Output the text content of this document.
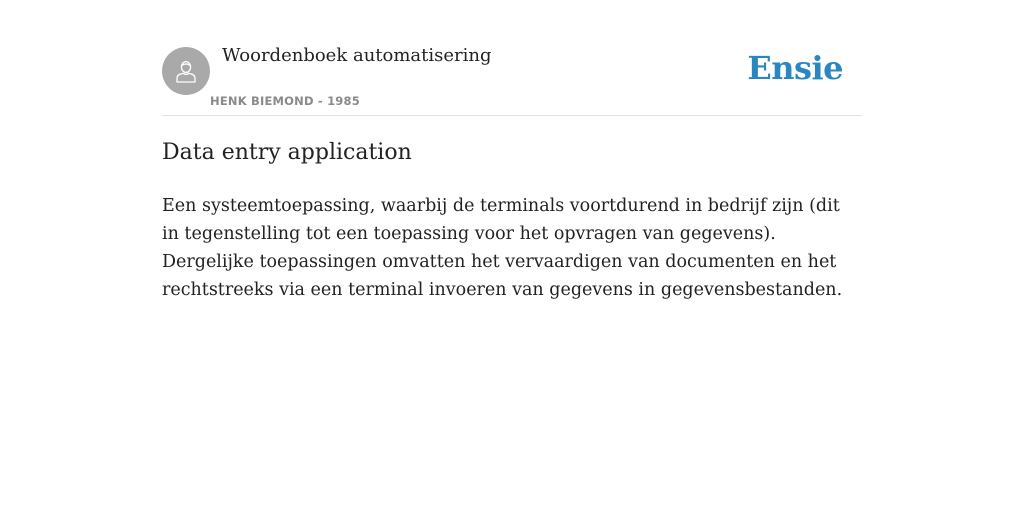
Woordenboek automatisering
HENK BIEMOND - 1985
Ensie
Data entry application

Een systeemtoepassing, waarbij de terminals voortdurend in bedrijf zijn (dit in tegenstelling tot een toepassing voor het opvragen van gegevens). Dergelijke toepassingen omvatten het vervaardigen van documenten en het rechtstreeks via een terminal invoeren van gegevens in gegevensbestanden.
